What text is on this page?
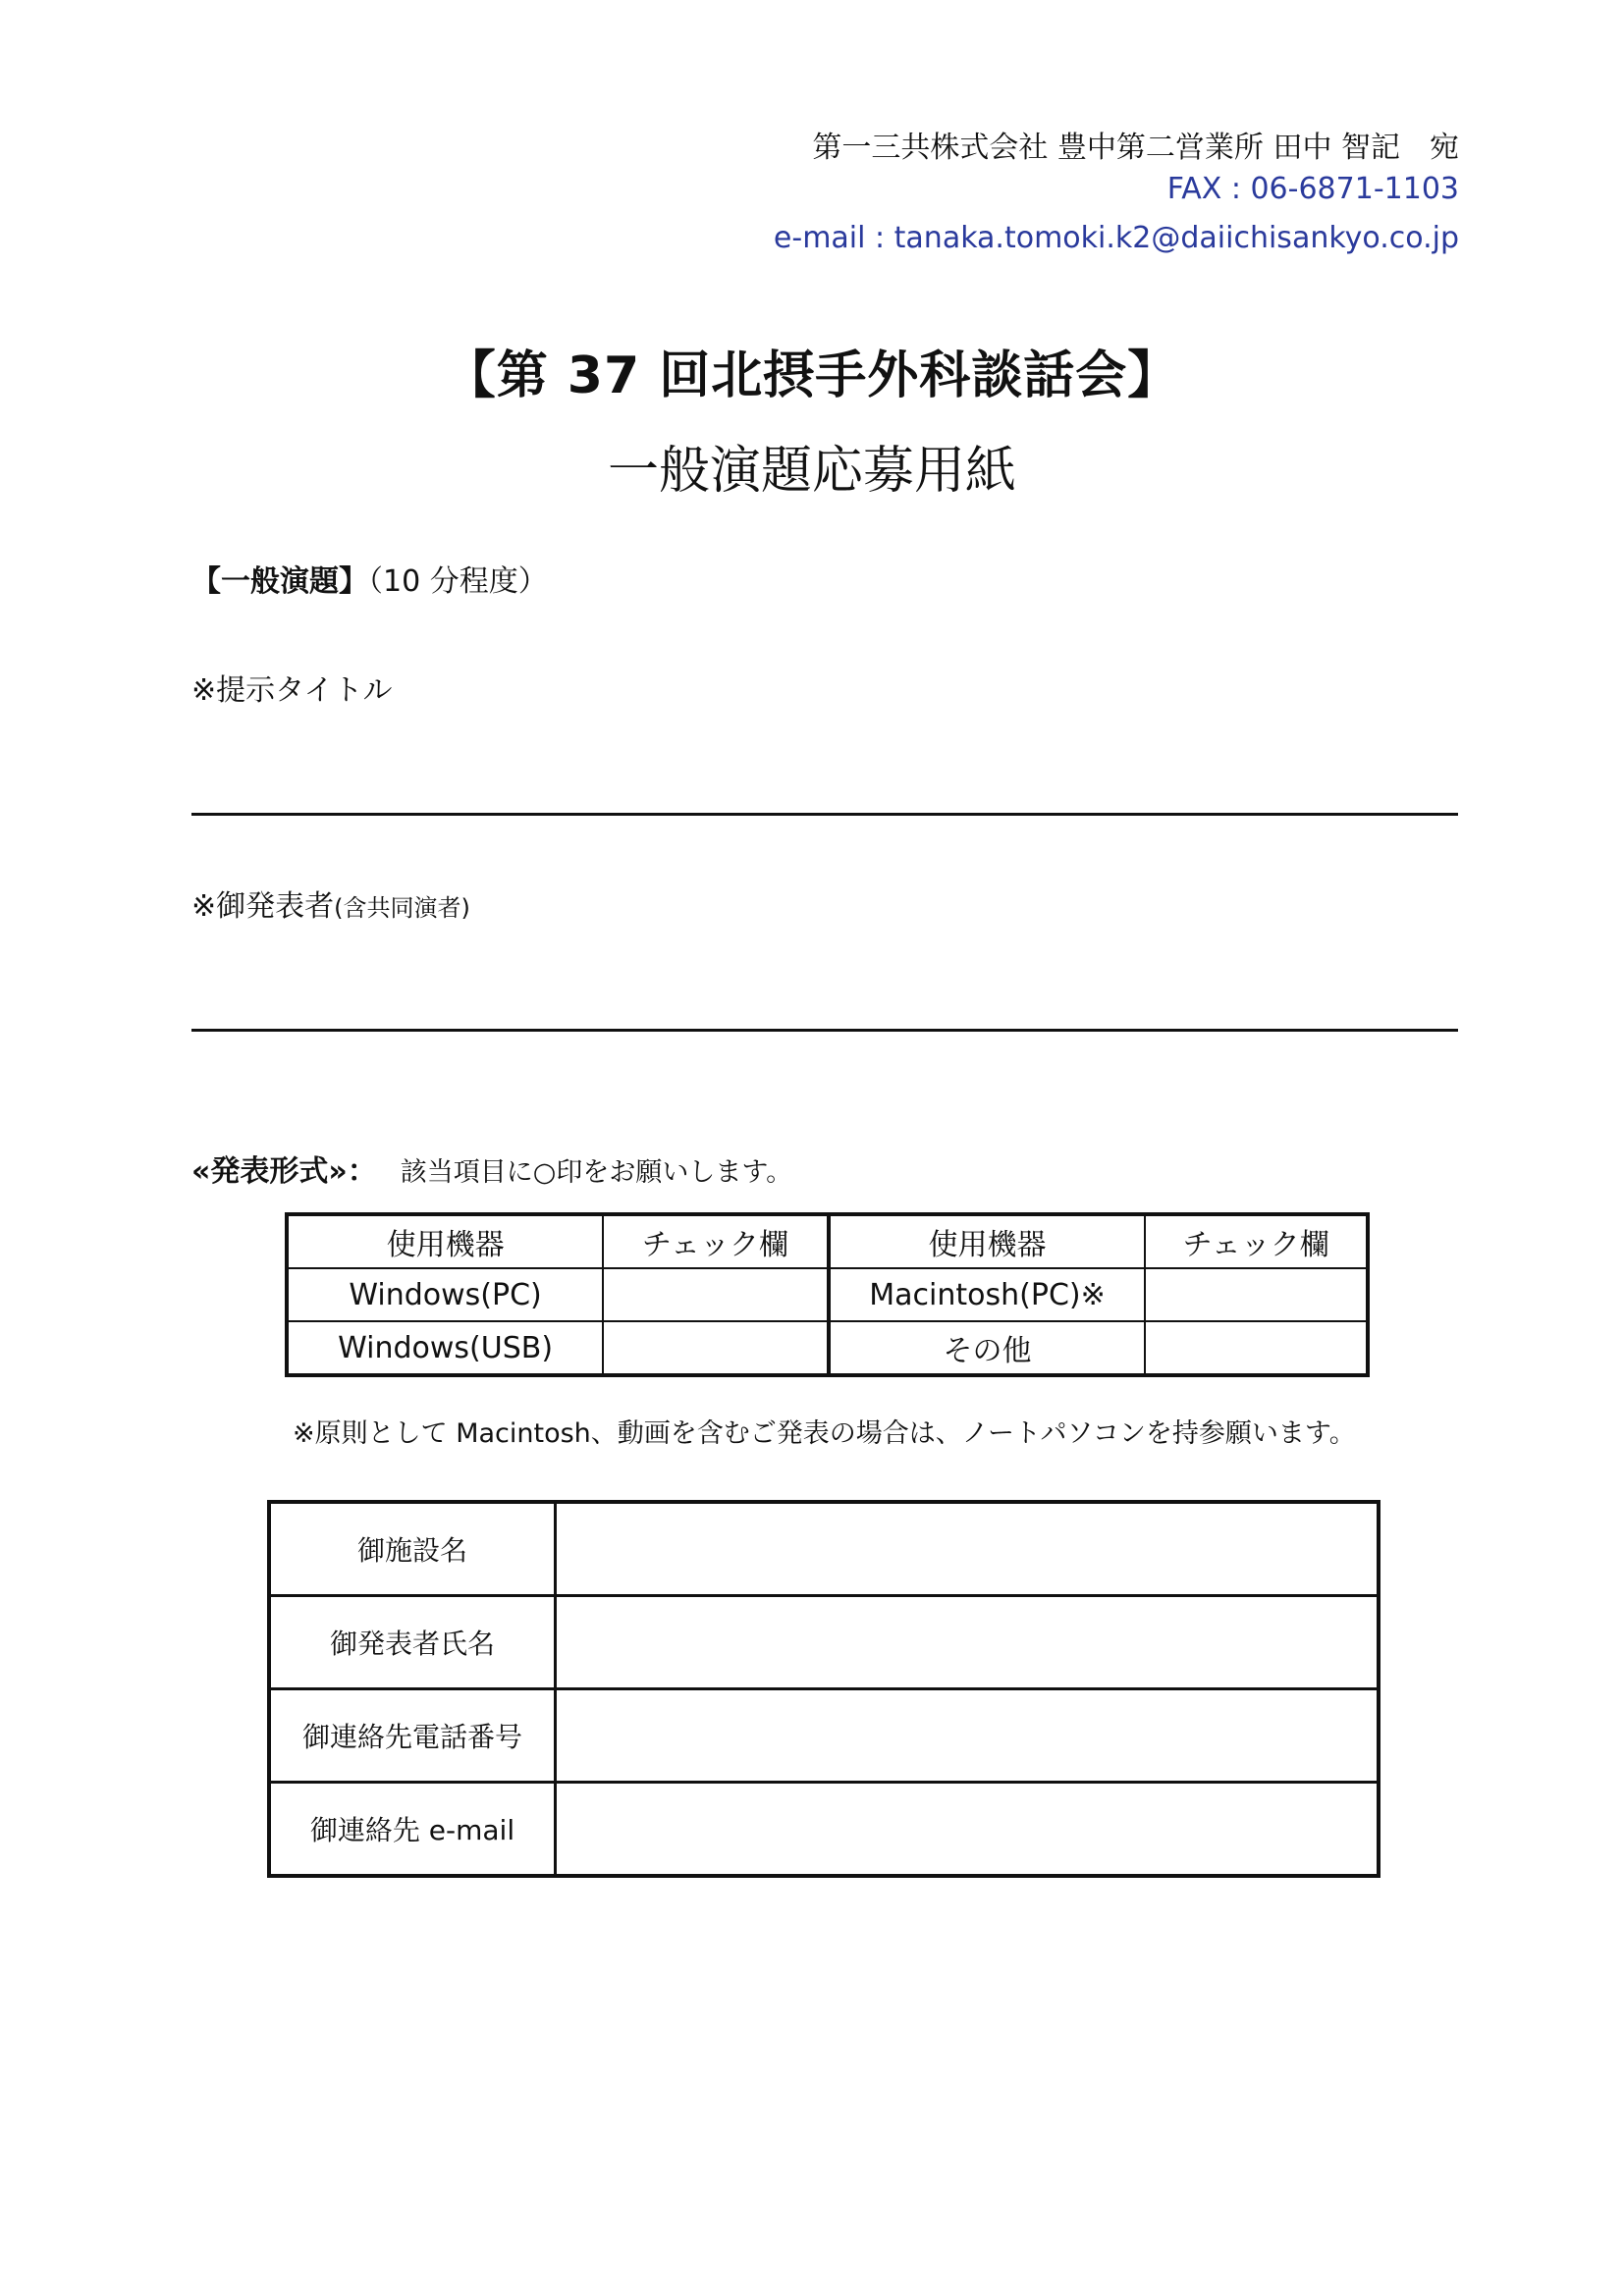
第一三共株式会社 豊中第二営業所 田中 智記　宛
FAX : 06-6871-1103
e-mail : tanaka.tomoki.k2@daiichisankyo.co.jp
【第 37 回北摂手外科談話会】
一般演題応募用紙
【一般演題】（10 分程度）
※提示タイトル
※御発表者(含共同演者)
«発表形式»： 該当項目に○印をお願いします。
使用機器	チェック欄	使用機器	チェック欄
Windows(PC)		Macintosh(PC)※	
Windows(USB)		その他	
※原則として Macintosh、動画を含むご発表の場合は、ノートパソコンを持参願います。
御施設名	
御発表者氏名	
御連絡先電話番号	
御連絡先 e-mail	
